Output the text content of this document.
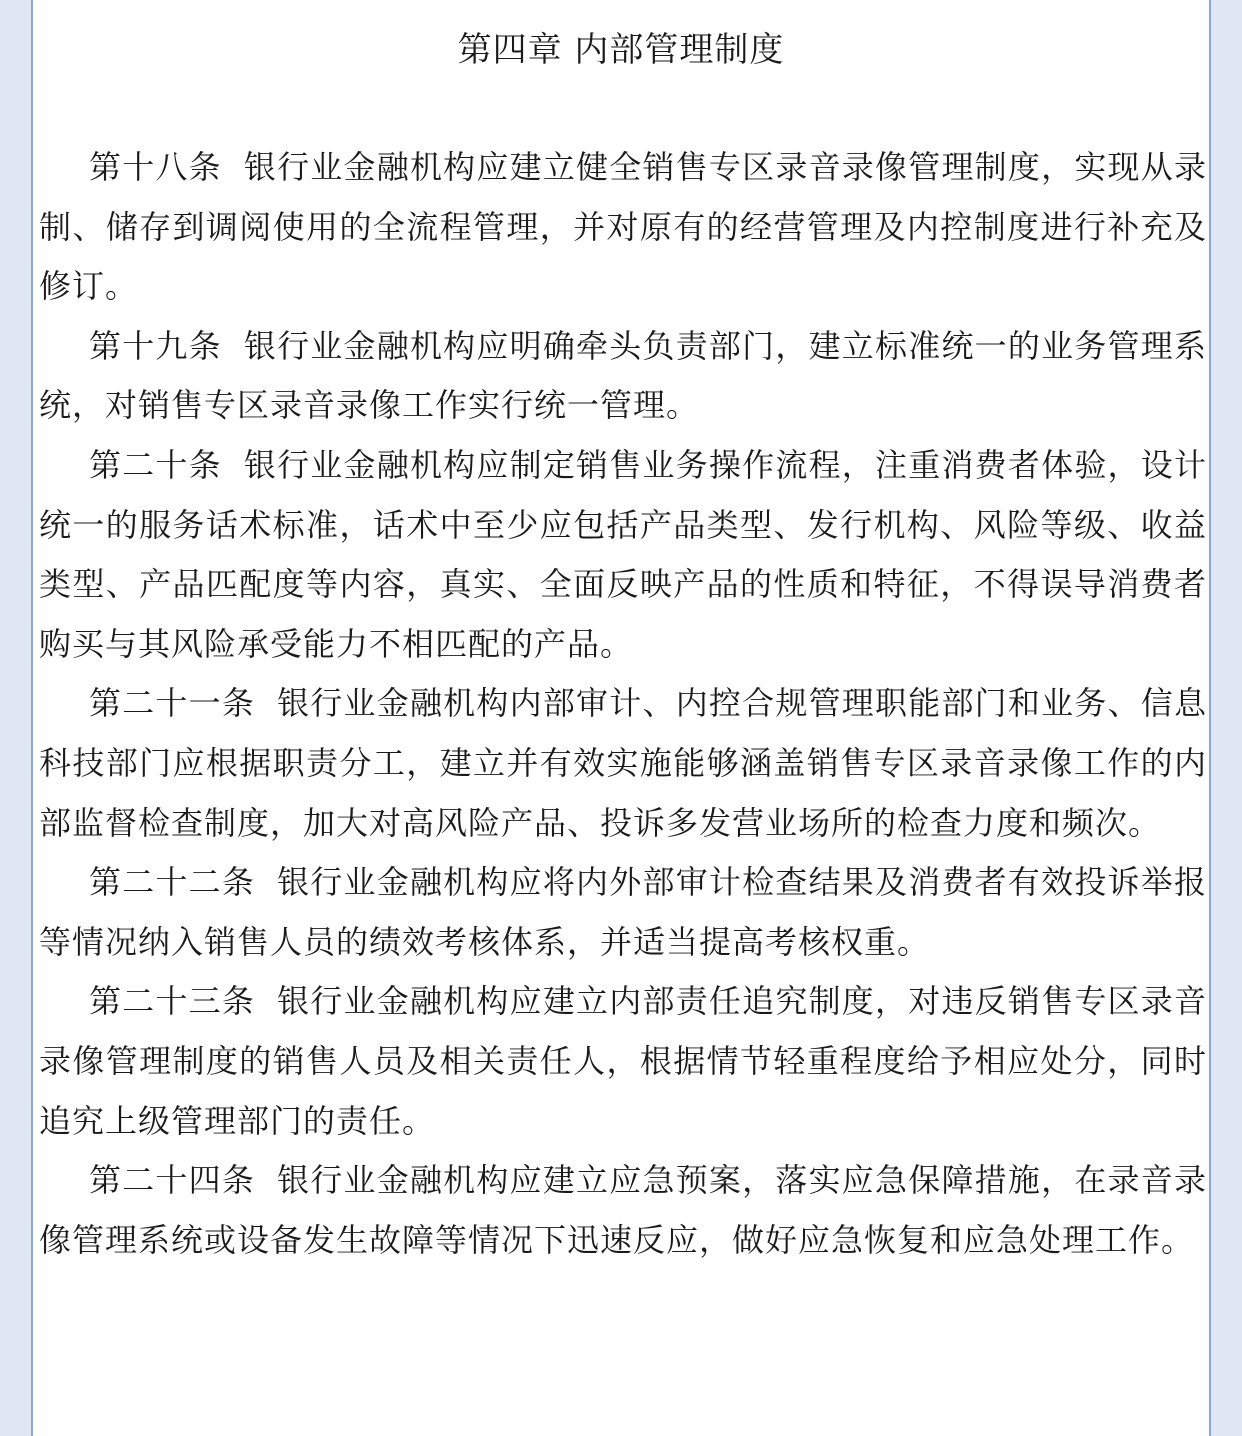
第四章 内部管理制度

第十八条 银行业金融机构应建立健全销售专区录音录像管理制度，实现从录制、储存到调阅使用的全流程管理，并对原有的经营管理及内控制度进行补充及修订。

第十九条 银行业金融机构应明确牵头负责部门，建立标准统一的业务管理系统，对销售专区录音录像工作实行统一管理。

第二十条 银行业金融机构应制定销售业务操作流程，注重消费者体验，设计统一的服务话术标准，话术中至少应包括产品类型、发行机构、风险等级、收益类型、产品匹配度等内容，真实、全面反映产品的性质和特征，不得误导消费者购买与其风险承受能力不相匹配的产品。

第二十一条 银行业金融机构内部审计、内控合规管理职能部门和业务、信息科技部门应根据职责分工，建立并有效实施能够涵盖销售专区录音录像工作的内部监督检查制度，加大对高风险产品、投诉多发营业场所的检查力度和频次。

第二十二条 银行业金融机构应将内外部审计检查结果及消费者有效投诉举报等情况纳入销售人员的绩效考核体系，并适当提高考核权重。

第二十三条 银行业金融机构应建立内部责任追究制度，对违反销售专区录音录像管理制度的销售人员及相关责任人，根据情节轻重程度给予相应处分，同时追究上级管理部门的责任。

第二十四条 银行业金融机构应建立应急预案，落实应急保障措施，在录音录像管理系统或设备发生故障等情况下迅速反应，做好应急恢复和应急处理工作。
